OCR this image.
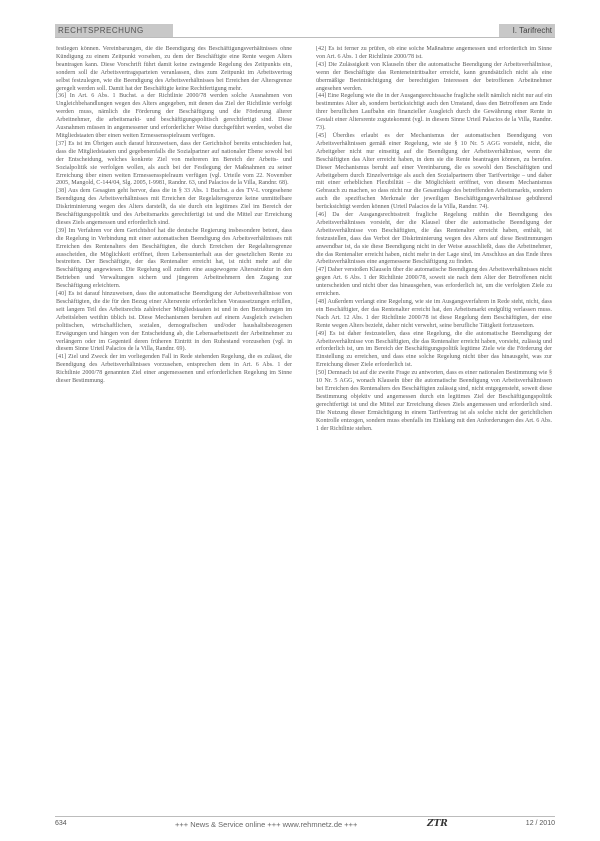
RECHTSPRECHUNG	I. Tarifrecht

festlegen können. Vereinbarungen, die die Beendigung des Beschäftigungsverhältnisses ohne Kündigung zu einem Zeitpunkt vorsehen, zu dem der Beschäftigte eine Rente wegen Alters beantragen kann. Diese Vorschrift führt damit keine zwingende Regelung des Zeitpunkts ein, sondern soll die Arbeitsvertragsparteien veranlassen, dies zum Zeitpunkt im Arbeitsvertrag selbst festzulegen, wie die Beendigung des Arbeitsverhältnisses bei Erreichen der Altersgrenze geregelt werden soll. Damit hat der Beschäftigte keine Rechtfertigung mehr.

[36] In Art. 6 Abs. 1 Buchst. a der Richtlinie 2000/78 werden solche Ausnahmen von Ungleichbehandlungen wegen des Alters angegeben, mit denen das Ziel der Richtlinie verfolgt werden muss, nämlich die Förderung der Beschäftigung und die Förderung älterer Arbeitnehmer, die arbeitsmarkt- und beschäftigungspolitisch gerechtfertigt sind. Diese Ausnahmen müssen in angemessener und erforderlicher Weise durchgeführt werden, wobei die Mitgliedstaaten über einen weiten Ermessensspielraum verfügen.

[37] Es ist im Übrigen auch darauf hinzuweisen, dass der Gerichtshof bereits entschieden hat, dass die Mitgliedstaaten und gegebenenfalls die Sozialpartner auf nationaler Ebene sowohl bei der Entscheidung, welches konkrete Ziel von mehreren im Bereich der Arbeits- und Sozialpolitik sie verfolgen wollen, als auch bei der Festlegung der Maßnahmen zu seiner Erreichung über einen weiten Ermessensspielraum verfügen (vgl. Urteile vom 22. November 2005, Mangold, C-144/04, Slg. 2005, I-9981, Randnr. 63, und Palacios de la Villa, Randnr. 68).

[38] Aus dem Gesagten geht hervor, dass die in § 33 Abs. 1 Buchst. a des TV-L vorgesehene Beendigung des Arbeitsverhältnisses mit Erreichen der Regelaltersgrenze keine unmittelbare Diskriminierung wegen des Alters darstellt, da sie durch ein legitimes Ziel im Bereich der Beschäftigungspolitik und des Arbeitsmarkts gerechtfertigt ist und die Mittel zur Erreichung dieses Ziels angemessen und erforderlich sind.

[39] Im Verfahren vor dem Gerichtshof hat die deutsche Regierung insbesondere betont, dass die Regelung in Verbindung mit einer automatischen Beendigung des Arbeitsverhältnisses mit Erreichen des Rentenalters den Beschäftigten, die durch Erreichen der Regelaltersgrenze ausscheiden, die Möglichkeit eröffnet, ihren Lebensunterhalt aus der gesetzlichen Rente zu bestreiten. Der Beschäftigte, der das Rentenalter erreicht hat, ist nicht mehr auf die Beschäftigung angewiesen. Die Regelung soll zudem eine ausgewogene Altersstruktur in den Betrieben und Verwaltungen sichern und jüngeren Arbeitnehmern den Zugang zur Beschäftigung erleichtern.

[40] Es ist darauf hinzuweisen, dass die automatische Beendigung der Arbeitsverhältnisse von Beschäftigten, die die für den Bezug einer Altersrente erforderlichen Voraussetzungen erfüllen, seit langem Teil des Arbeitsrechts zahlreicher Mitgliedstaaten ist und in den Beziehungen im Arbeitsleben weithin üblich ist. Diese Mechanismen beruhen auf einem Ausgleich zwischen politischen, wirtschaftlichen, sozialen, demografischen und/oder haushaltsbezogenen Erwägungen und hängen von der Entscheidung ab, die Lebensarbeitszeit der Arbeitnehmer zu verlängern oder im Gegenteil deren früheren Eintritt in den Ruhestand vorzusehen (vgl. in diesem Sinne Urteil Palacios de la Villa, Randnr. 69).

[41] Ziel und Zweck der im vorliegenden Fall in Rede stehenden Regelung, die es zulässt, die Beendigung des Arbeitsverhältnisses vorzusehen, entsprechen dem in Art. 6 Abs. 1 der Richtlinie 2000/78 genannten Ziel einer angemessenen und erforderlichen Regelung im Sinne dieser Bestimmung.

[42] Es ist ferner zu prüfen, ob eine solche Maßnahme angemessen und erforderlich im Sinne von Art. 6 Abs. 1 der Richtlinie 2000/78 ist.

[43] Die Zulässigkeit von Klauseln über die automatische Beendigung der Arbeitsverhältnisse, wenn der Beschäftigte das Renteneintrittsalter erreicht, kann grundsätzlich nicht als eine übermäßige Beeinträchtigung der berechtigten Interessen der betroffenen Arbeitnehmer angesehen werden.

[44] Eine Regelung wie die in der Ausgangsrechtssache fragliche stellt nämlich nicht nur auf ein bestimmtes Alter ab, sondern berücksichtigt auch den Umstand, dass den Betroffenen am Ende ihrer beruflichen Laufbahn ein finanzieller Ausgleich durch die Gewährung einer Rente in Gestalt einer Altersrente zugutekommt (vgl. in diesem Sinne Urteil Palacios de la Villa, Randnr. 73).

[45] Überdies erlaubt es der Mechanismus der automatischen Beendigung von Arbeitsverhältnissen gemäß einer Regelung, wie sie § 10 Nr. 5 AGG vorsieht, nicht, die Arbeitgeber nicht nur einseitig auf die Beendigung der Arbeitsverhältnisse, wenn die Beschäftigten das Alter erreicht haben, in dem sie die Rente beantragen können, zu berufen. Dieser Mechanismus beruht auf einer Vereinbarung, die es sowohl den Beschäftigten und Arbeitgebern durch Einzelverträge als auch den Sozialpartnern über Tarifverträge – und daher mit einer erheblichen Flexibilität – die Möglichkeit eröffnet, von diesem Mechanismus Gebrauch zu machen, so dass nicht nur die Gesamtlage des betreffenden Arbeitsmarkts, sondern auch die spezifischen Merkmale der jeweiligen Beschäftigungsverhältnisse gebührend berücksichtigt werden können (Urteil Palacios de la Villa, Randnr. 74).

[46] Da der Ausgangsrechtsstreit fragliche Regelung mithin die Beendigung des Arbeitsverhältnisses vorsieht, der die Klausel über die automatische Beendigung der Arbeitsverhältnisse von Beschäftigten, die das Rentenalter erreicht haben, enthält, ist festzustellen, dass das Verbot der Diskriminierung wegen des Alters auf diese Bestimmungen anwendbar ist, da sie diese Beendigung nicht in der Weise ausschließt, dass die Arbeitnehmer, die das Rentenalter erreicht haben, nicht mehr in der Lage sind, im Anschluss an das Ende ihres Arbeitsverhältnisses eine angemessene Beschäftigung zu finden.

[47] Daher verstoßen Klauseln über die automatische Beendigung des Arbeitsverhältnisses nicht gegen Art. 6 Abs. 1 der Richtlinie 2000/78, soweit sie nach dem Alter der Betroffenen nicht unterscheiden und nicht über das hinausgehen, was erforderlich ist, um die verfolgten Ziele zu erreichen.

[48] Außerdem verlangt eine Regelung, wie sie im Ausgangsverfahren in Rede steht, nicht, dass ein Beschäftigter, der das Rentenalter erreicht hat, den Arbeitsmarkt endgültig verlassen muss. Nach Art. 12 Abs. 1 der Richtlinie 2000/78 ist diese Regelung dem Beschäftigten, der eine Rente wegen Alters bezieht, daher nicht verwehrt, seine berufliche Tätigkeit fortzusetzen.

[49] Es ist daher festzustellen, dass eine Regelung, die die automatische Beendigung der Arbeitsverhältnisse von Beschäftigten, die das Rentenalter erreicht haben, vorsieht, zulässig und erforderlich ist, um im Bereich der Beschäftigungspolitik legitime Ziele wie die Förderung der Einstellung zu erreichen, und dass eine solche Regelung nicht über das hinausgeht, was zur Erreichung dieser Ziele erforderlich ist.

[50] Demnach ist auf die zweite Frage zu antworten, dass es einer nationalen Bestimmung wie § 10 Nr. 5 AGG, wonach Klauseln über die automatische Beendigung von Arbeitsverhältnissen bei Erreichen des Rentenalters des Beschäftigten zulässig sind, nicht entgegensteht, soweit diese Bestimmung objektiv und angemessen durch ein legitimes Ziel der Beschäftigungspolitik gerechtfertigt ist und die Mittel zur Erreichung dieses Ziels angemessen und erforderlich sind. Die Nutzung dieser Ermächtigung in einem Tarifvertrag ist als solche nicht der gerichtlichen Kontrolle entzogen, sondern muss ebenfalls im Einklang mit den Anforderungen des Art. 6 Abs. 1 der Richtlinie stehen.

634	+++ News & Service online +++ www.rehmnetz.de +++	ZTR	12 / 2010
